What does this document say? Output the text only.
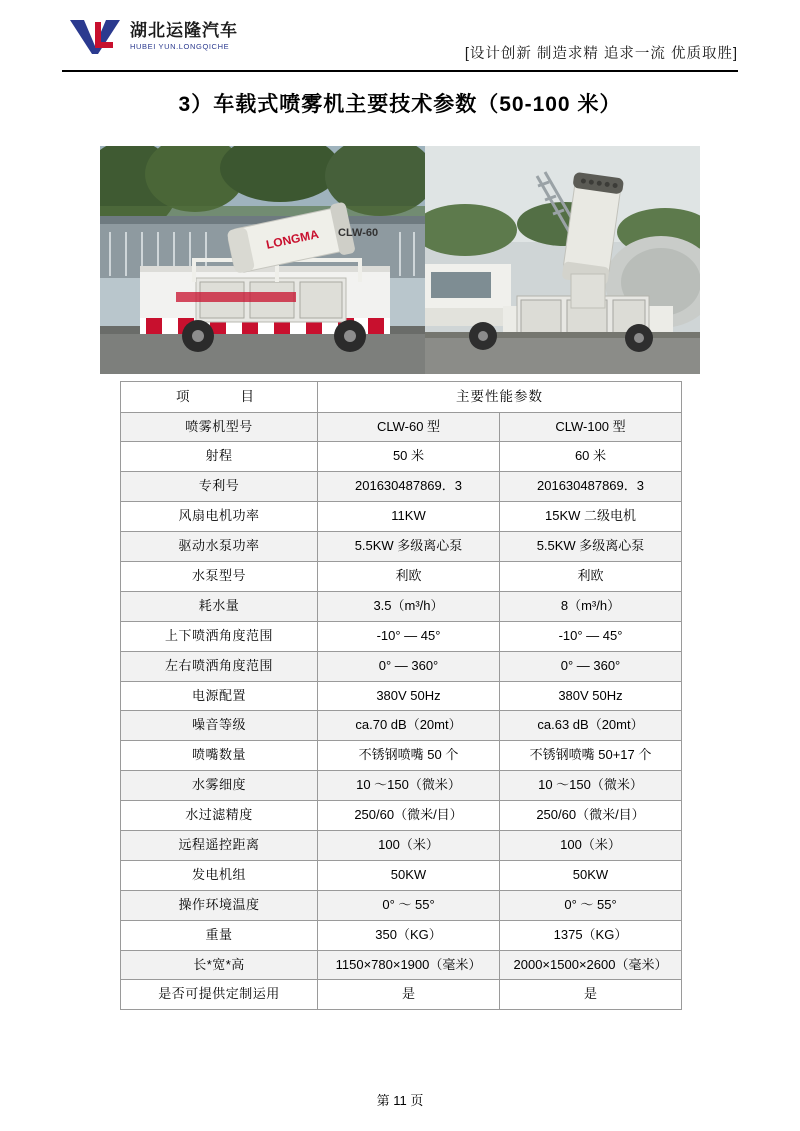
湖北运隆汽车
HUBEI YUN.LONGQICHE	[设计创新 制造求精 追求一流 优质取胜]
3）车载式喷雾机主要技术参数（50-100 米）
LONGMA CLW-60
项　　目	主要性能参数	
喷雾机型号	CLW-60 型	CLW-100 型
射程	50 米	60 米
专利号	201630487869．3	201630487869．3
风扇电机功率	11KW	15KW 二级电机
驱动水泵功率	5.5KW 多级离心泵	5.5KW 多级离心泵
水泵型号	利欧	利欧
耗水量	3.5（m³/h）	8（m³/h）
上下喷洒角度范围	-10° — 45°	-10° — 45°
左右喷洒角度范围	0° — 360°	0° — 360°
电源配置	380V 50Hz	380V 50Hz
噪音等级	ca.70 dB（20mt）	ca.63 dB（20mt）
喷嘴数量	不锈钢喷嘴 50 个	不锈钢喷嘴 50+17 个
水雾细度	10 ～150（微米）	10 ～150（微米）
水过滤精度	250/60（微米/目）	250/60（微米/目）
远程遥控距离	100（米）	100（米）
发电机组	50KW	50KW
操作环境温度	0° ～ 55°	0° ～ 55°
重量	350（KG）	1375（KG）
长*宽*高	1150×780×1900（毫米）	2000×1500×2600（毫米）
是否可提供定制运用	是	是
第 11 页
